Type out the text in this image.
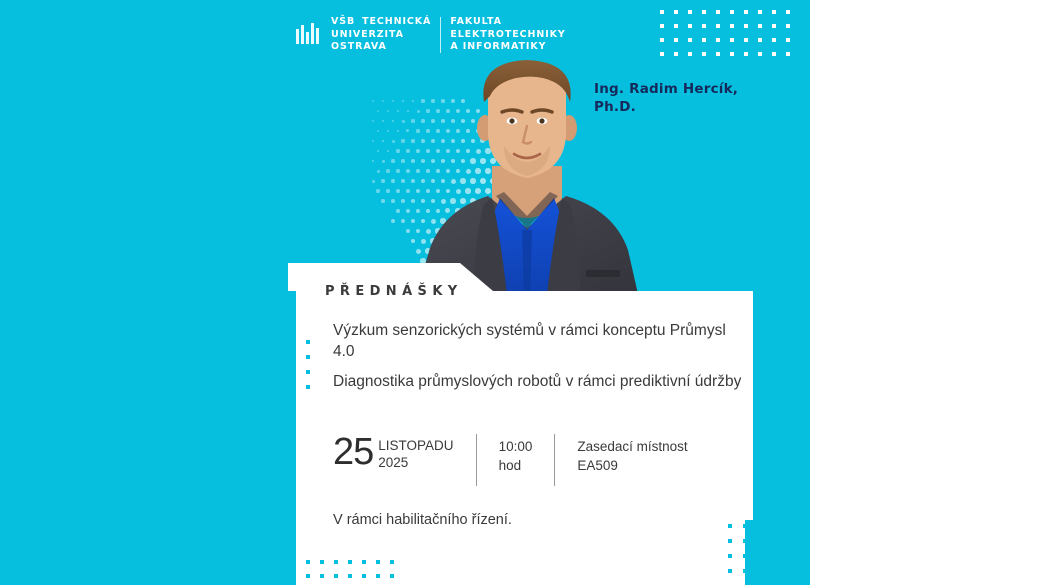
VŠB TECHNICKÁ
UNIVERZITA
OSTRAVA
FAKULTA
ELEKTROTECHNIKY
A INFORMATIKY
Ing. Radim Hercík,
Ph.D.
PŘEDNÁŠKY
Výzkum senzorických systémů v rámci konceptu Průmysl 4.0
Diagnostika průmyslových robotů v rámci prediktivní údržby
25 LISTOPADU
2025
10:00
hod
Zasedací místnost
EA509
V rámci habilitačního řízení.
